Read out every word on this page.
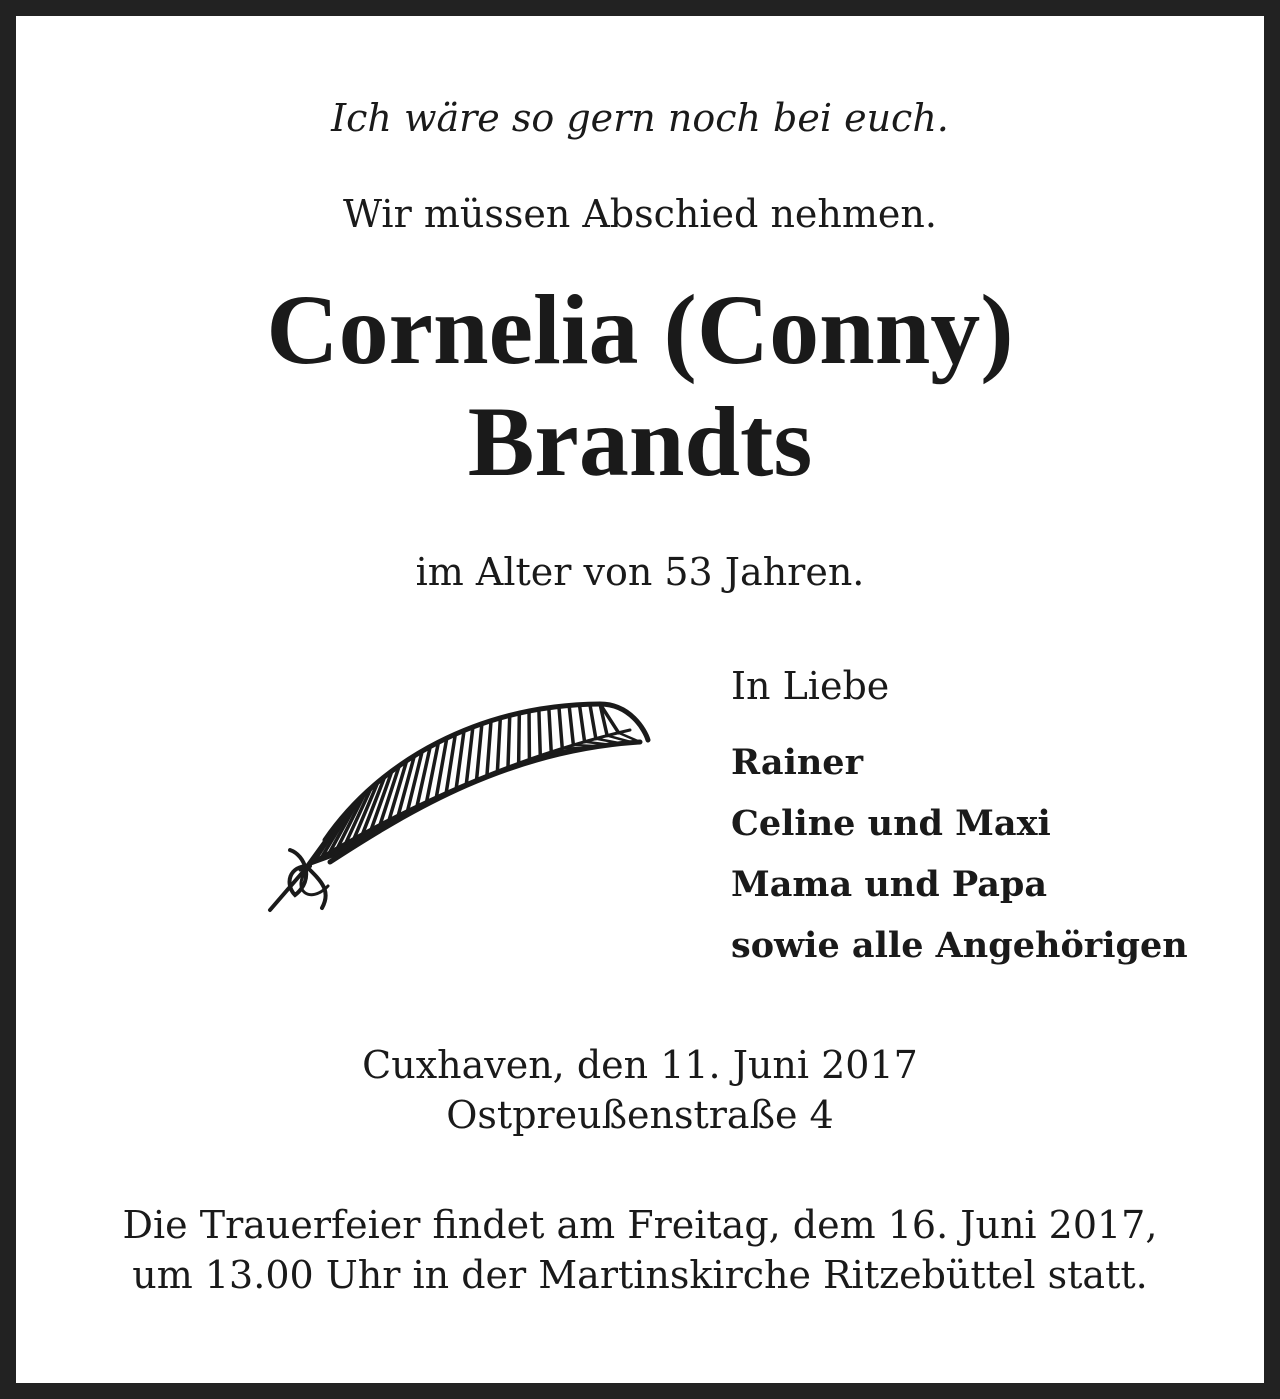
Ich wäre so gern noch bei euch.
Wir müssen Abschied nehmen.
Cornelia (Conny)
Brandts
im Alter von 53 Jahren.
In Liebe
Rainer
Celine und Maxi
Mama und Papa
sowie alle Angehörigen
Cuxhaven, den 11. Juni 2017
Ostpreußenstraße 4
Die Trauerfeier findet am Freitag, dem 16. Juni 2017,
um 13.00 Uhr in der Martinskirche Ritzebüttel statt.
